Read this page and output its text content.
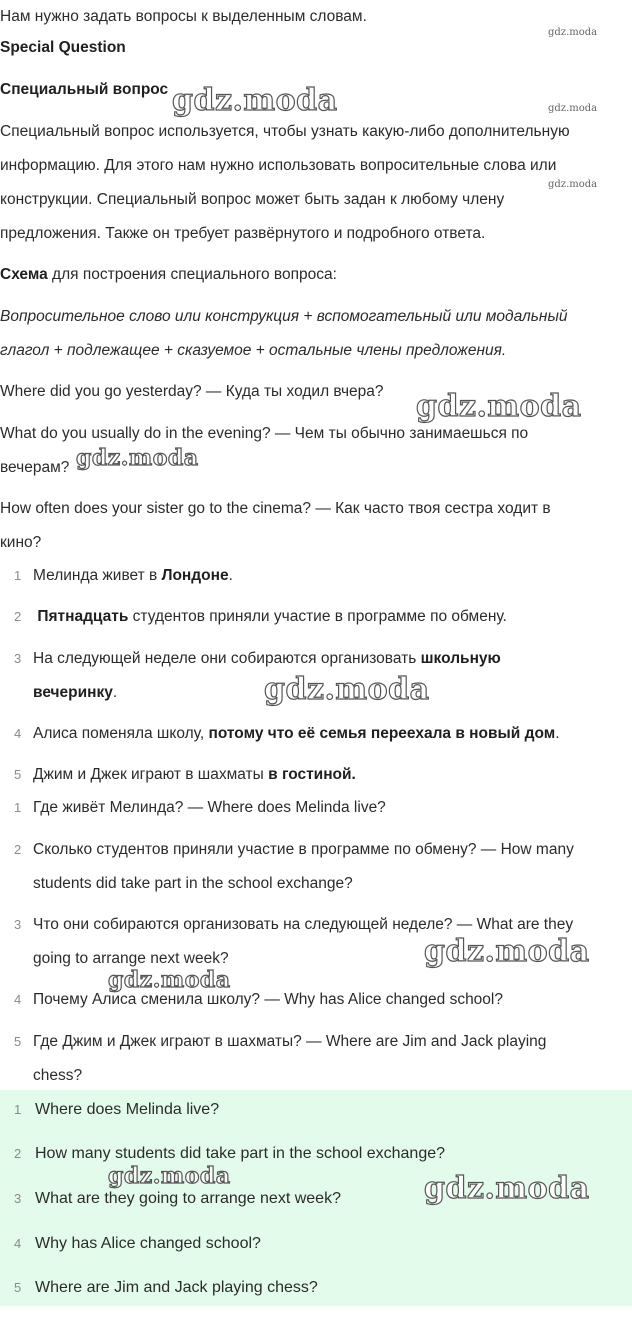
Нам нужно задать вопросы к выделенным словам.
Special Question
Специальный вопрос
Специальный вопрос используется, чтобы узнать какую-либо дополнительную
информацию. Для этого нам нужно использовать вопросительные слова или
конструкции. Специальный вопрос может быть задан к любому члену
предложения. Также он требует развёрнутого и подробного ответа.
Схема для построения специального вопроса:
Вопросительное слово или конструкция + вспомогательный или модальный
глагол + подлежащее + сказуемое + остальные члены предложения.
Where did you go yesterday? — Куда ты ходил вчера?
What do you usually do in the evening? — Чем ты обычно занимаешься по
вечерам?
How often does your sister go to the cinema? — Как часто твоя сестра ходит в
кино?
1 Мелинда живет в Лондоне.
2	Пятнадцать студентов приняли участие в программе по обмену.
3 На следующей неделе они собираются организовать школьную
вечеринку.
4 Алиса поменяла школу, потому что её семья переехала в новый дом.
5 Джим и Джек играют в шахматы в гостиной.
1 Где живёт Мелинда? — Where does Melinda live?
2 Сколько студентов приняли участие в программе по обмену? — How many
students did take part in the school exchange?
3 Что они собираются организовать на следующей неделе? — What are they
going to arrange next week?
4 Почему Алиса сменила школу? — Why has Alice changed school?
5 Где Джим и Джек играют в шахматы? — Where are Jim and Jack playing
chess?
1 Where does Melinda live?
2 How many students did take part in the school exchange?
3 What are they going to arrange next week?
4 Why has Alice changed school?
5 Where are Jim and Jack playing chess?
gdz.moda
gdz.moda
gdz.moda
gdz.moda
gdz.moda
gdz.moda
gdz.moda
gdz.moda
gdz.moda
gdz.moda	gdz.moda
